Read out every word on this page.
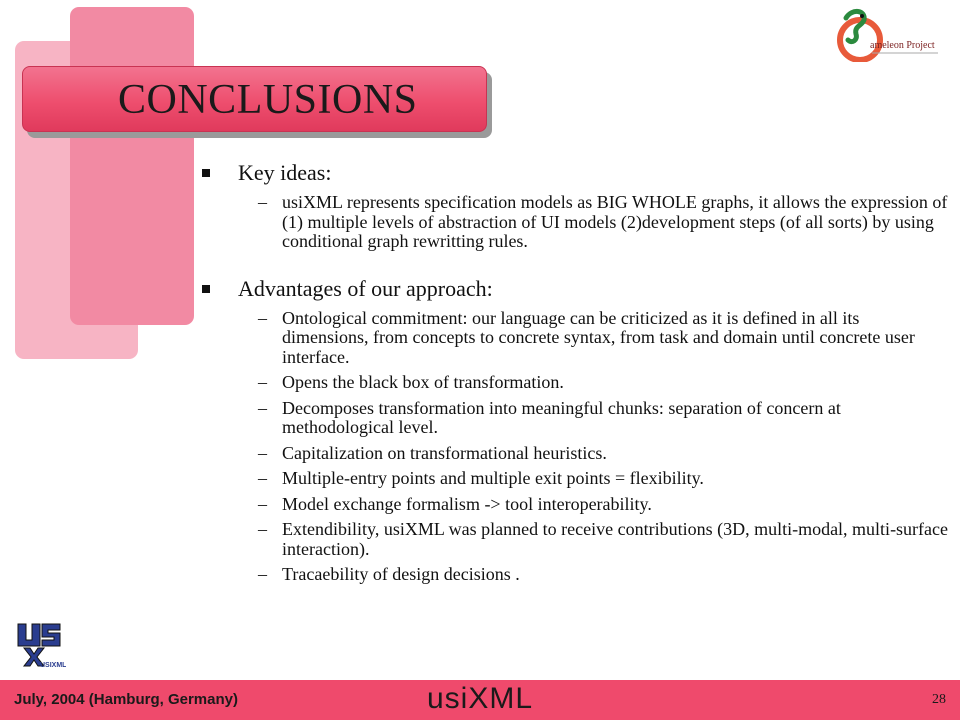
CONCLUSIONS
ameleon Project
Key ideas:
– usiXML represents specification models as BIG WHOLE graphs, it allows the expression of (1) multiple levels of abstraction of UI models (2)development steps (of all sorts) by using conditional graph rewritting rules.
Advantages of our approach:
– Ontological commitment: our language can be criticized as it is defined in all its dimensions, from concepts to concrete syntax, from task and domain until concrete user interface.
– Opens the black box of transformation.
– Decomposes transformation into meaningful chunks: separation of concern at methodological level.
– Capitalization on transformational heuristics.
– Multiple-entry points and multiple exit points = flexibility.
– Model exchange formalism -> tool interoperability.
– Extendibility, usiXML was planned to receive contributions (3D, multi-modal, multi-surface interaction).
– Tracaebility of design decisions .
USIXML
July, 2004 (Hamburg, Germany)	usiXML	28
